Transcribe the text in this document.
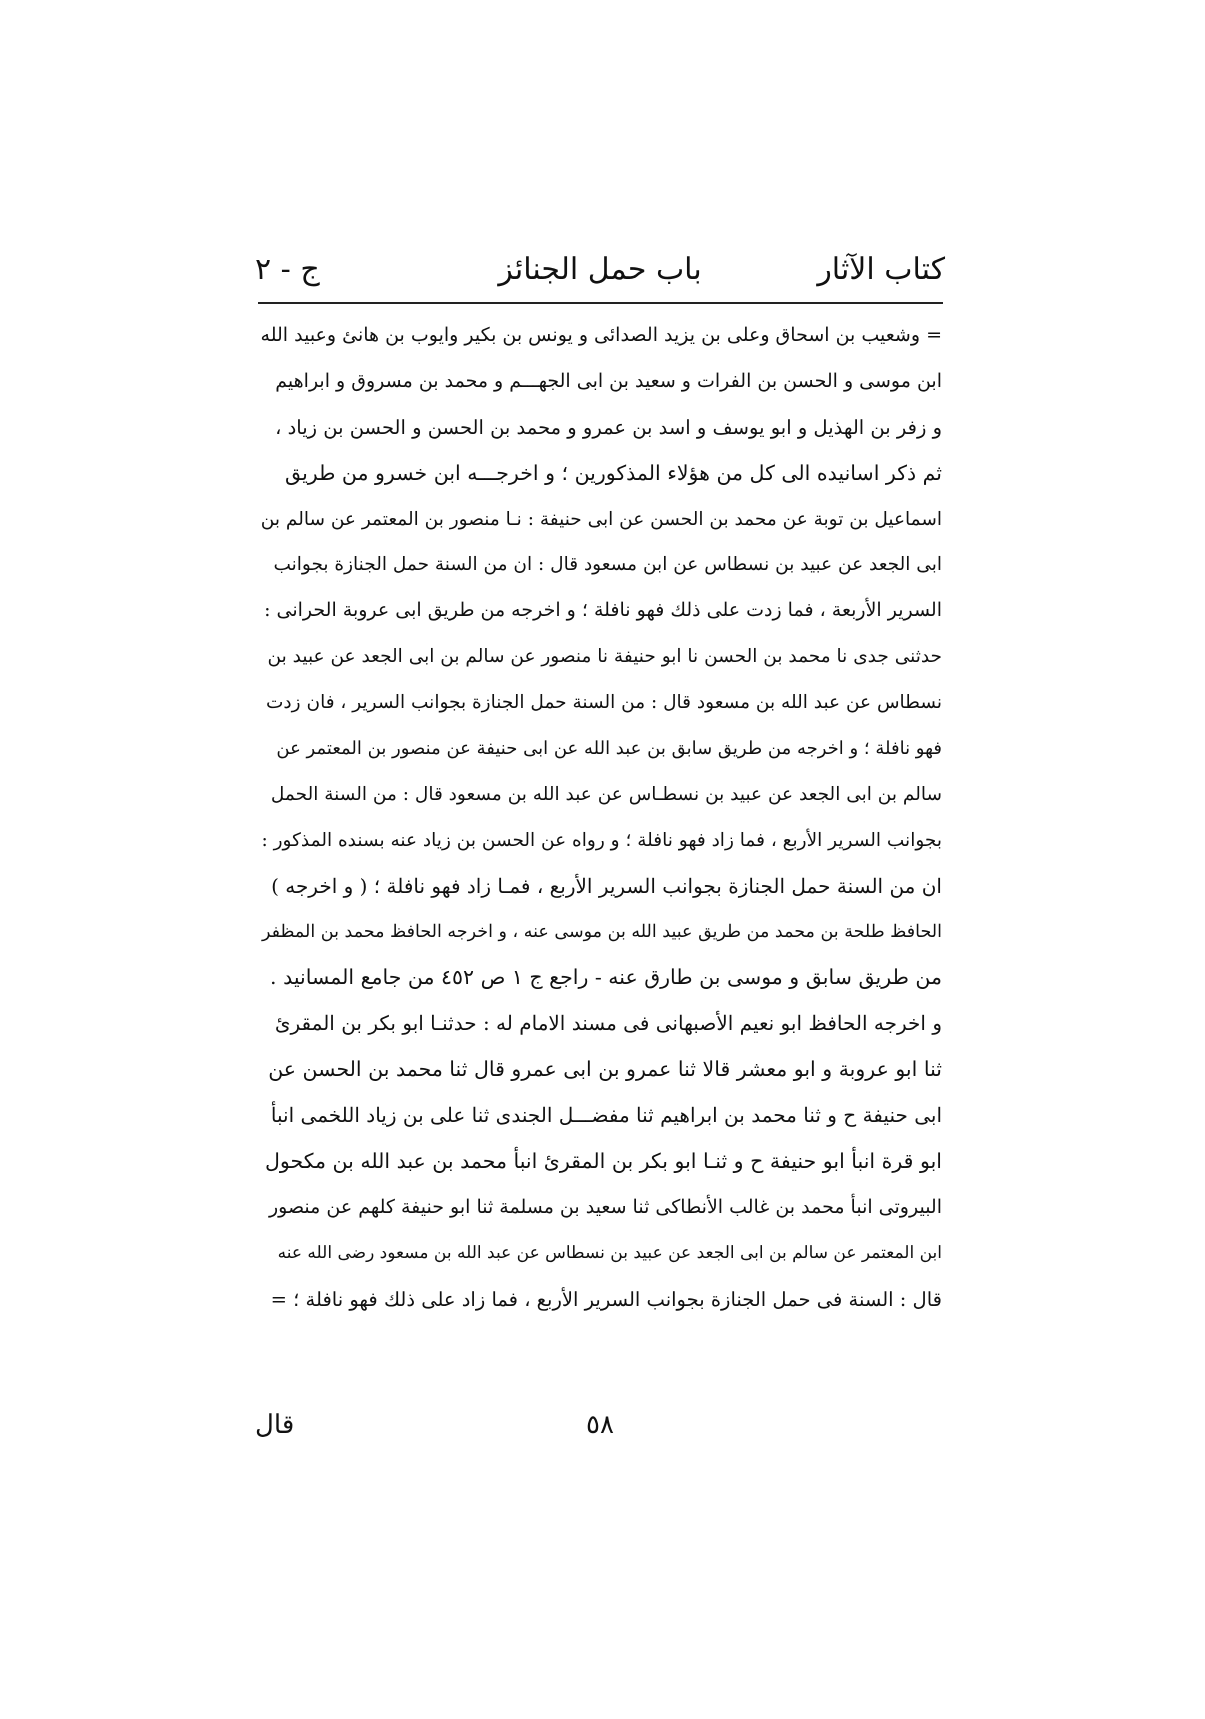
كتاب الآثار
باب حمل الجنائز
ج - ٢
= وشعيب بن اسحاق وعلى بن يزيد الصدائى و يونس بن بكير وايوب بن هانئ وعبيد الله
ابن موسى و الحسن بن الفرات و سعيد بن ابى الجهـــم و محمد بن مسروق و ابراهيم
و زفر بن الهذيل و ابو يوسف و اسد بن عمرو و محمد بن الحسن و الحسن بن زياد ،
ثم ذكر اسانيده الى كل من هؤلاء المذكورين ؛ و اخرجـــه ابن خسرو من طريق
اسماعيل بن توبة عن محمد بن الحسن عن ابى حنيفة : نـا منصور بن المعتمر عن سالم بن
ابى الجعد عن عبيد بن نسطاس عن ابن مسعود قال : ان من السنة حمل الجنازة بجوانب
السرير الأربعة ، فما زدت على ذلك فهو نافلة ؛ و اخرجه من طريق ابى عروبة الحرانى :
حدثنى جدى نا محمد بن الحسن نا ابو حنيفة نا منصور عن سالم بن ابى الجعد عن عبيد بن
نسطاس عن عبد الله بن مسعود قال : من السنة حمل الجنازة بجوانب السرير ، فان زدت
فهو نافلة ؛ و اخرجه من طريق سابق بن عبد الله عن ابى حنيفة عن منصور بن المعتمر عن
سالم بن ابى الجعد عن عبيد بن نسطـاس عن عبد الله بن مسعود قال : من السنة الحمل
بجوانب السرير الأربع ، فما زاد فهو نافلة ؛ و رواه عن الحسن بن زياد عنه بسنده المذكور :
ان من السنة حمل الجنازة بجوانب السرير الأربع ، فمـا زاد فهو نافلة ؛ ( و اخرجه )
الحافظ طلحة بن محمد من طريق عبيد الله بن موسى عنه ، و اخرجه الحافظ محمد بن المظفر
من طريق سابق و موسى بن طارق عنه - راجع ج ١ ص ٤٥٢ من جامع المسانيد .
و اخرجه الحافظ ابو نعيم الأصبهانى فى مسند الامام له : حدثنـا ابو بكر بن المقرئ
ثنا ابو عروبة و ابو معشر قالا ثنا عمرو بن ابى عمرو قال ثنا محمد بن الحسن عن
ابى حنيفة ح و ثنا محمد بن ابراهيم ثنا مفضـــل الجندى ثنا على بن زياد اللخمى انبأ
ابو قرة انبأ ابو حنيفة ح و ثنـا ابو بكر بن المقرئ انبأ محمد بن عبد الله بن مكحول
البيروتى انبأ محمد بن غالب الأنطاكى ثنا سعيد بن مسلمة ثنا ابو حنيفة كلهم عن منصور
ابن المعتمر عن سالم بن ابى الجعد عن عبيد بن نسطاس عن عبد الله بن مسعود رضى الله عنه
قال : السنة فى حمل الجنازة بجوانب السرير الأربع ، فما زاد على ذلك فهو نافلة ؛ =
٥٨
قال
